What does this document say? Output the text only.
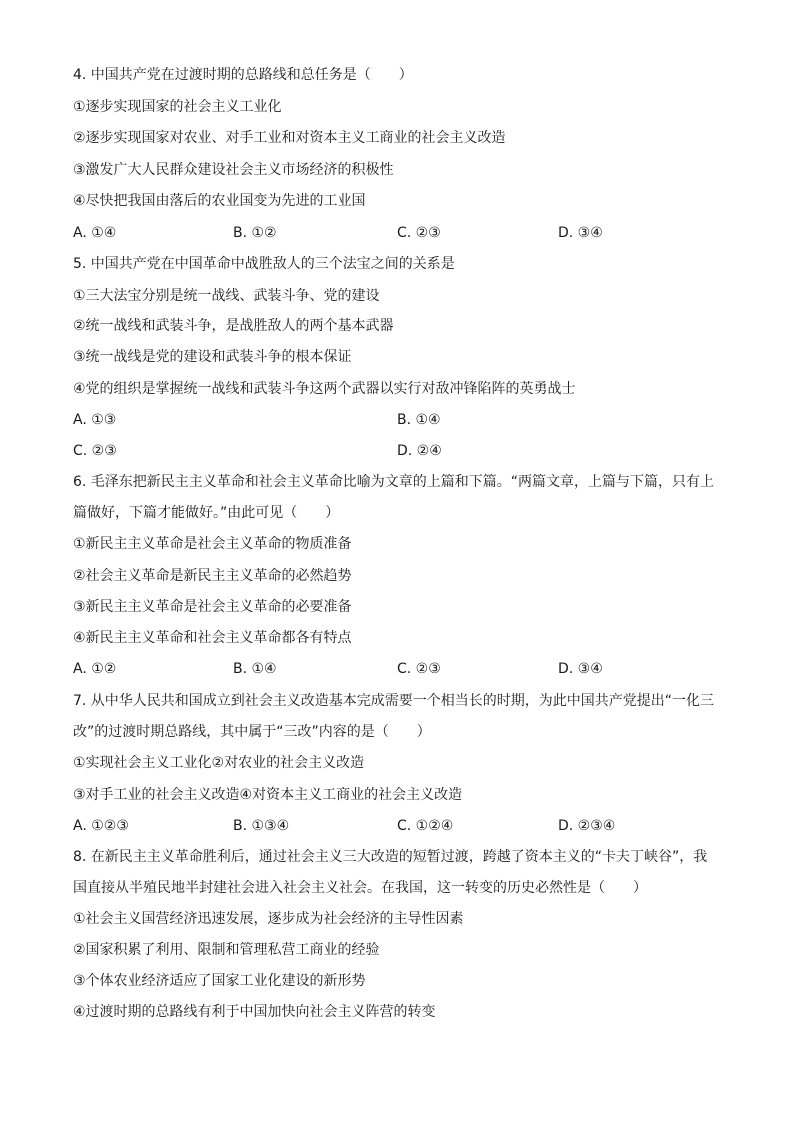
4. 中国共产党在过渡时期的总路线和总任务是（　　）
①逐步实现国家的社会主义工业化
②逐步实现国家对农业、对手工业和对资本主义工商业的社会主义改造
③激发广大人民群众建设社会主义市场经济的积极性
④尽快把我国由落后的农业国变为先进的工业国
A. ①④	B. ①②	C. ②③	D. ③④
5. 中国共产党在中国革命中战胜敌人的三个法宝之间的关系是
①三大法宝分别是统一战线、武装斗争、党的建设
②统一战线和武装斗争，是战胜敌人的两个基本武器
③统一战线是党的建设和武装斗争的根本保证
④党的组织是掌握统一战线和武装斗争这两个武器以实行对敌冲锋陷阵的英勇战士
A. ①③	B. ①④
C. ②③	D. ②④
6. 毛泽东把新民主主义革命和社会主义革命比喻为文章的上篇和下篇。“两篇文章，上篇与下篇，只有上
篇做好，下篇才能做好。”由此可见（　　）
①新民主主义革命是社会主义革命的物质准备
②社会主义革命是新民主主义革命的必然趋势
③新民主主义革命是社会主义革命的必要准备
④新民主主义革命和社会主义革命都各有特点
A. ①②	B. ①④	C. ②③	D. ③④
7. 从中华人民共和国成立到社会主义改造基本完成需要一个相当长的时期，为此中国共产党提出“一化三
改”的过渡时期总路线，其中属于“三改”内容的是（　　）
①实现社会主义工业化②对农业的社会主义改造
③对手工业的社会主义改造④对资本主义工商业的社会主义改造
A. ①②③	B. ①③④	C. ①②④	D. ②③④
8. 在新民主主义革命胜利后，通过社会主义三大改造的短暂过渡，跨越了资本主义的“卡夫丁峡谷”，我
国直接从半殖民地半封建社会进入社会主义社会。在我国，这一转变的历史必然性是（　　）
①社会主义国营经济迅速发展，逐步成为社会经济的主导性因素
②国家积累了利用、限制和管理私营工商业的经验
③个体农业经济适应了国家工业化建设的新形势
④过渡时期的总路线有利于中国加快向社会主义阵营的转变
